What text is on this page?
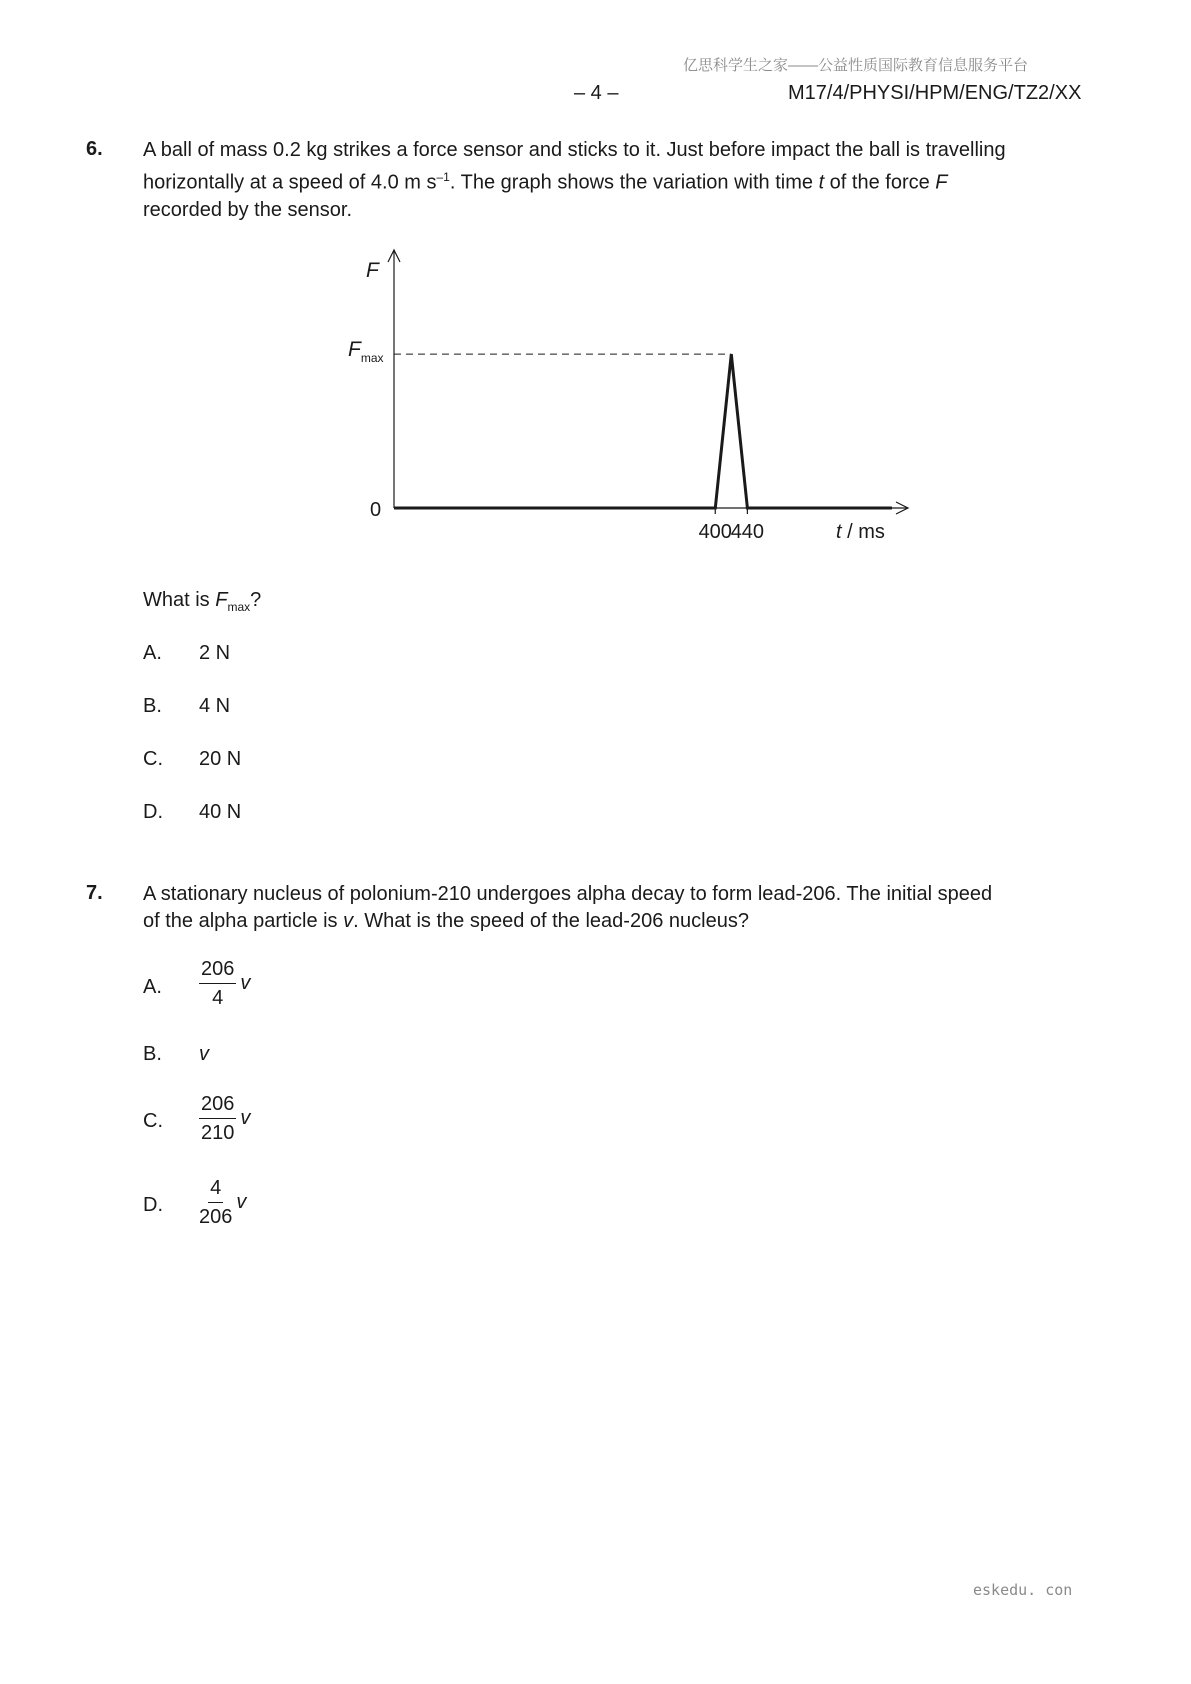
亿思科学生之家——公益性质国际教育信息服务平台
– 4 –	M17/4/PHYSI/HPM/ENG/TZ2/XX
6. A ball of mass 0.2 kg strikes a force sensor and sticks to it. Just before impact the ball is travelling
horizontally at a speed of 4.0 m $s^{-1}$. The graph shows the variation with time t of the force F
recorded by the sensor.
400
440
F
$F_{max}$
0
t / ms
What is $F_{max}$?
A. 2 N
B. 4 N
C. 20 N
D. 40 N
7. A stationary nucleus of polonium-210 undergoes alpha decay to form lead-206. The initial speed
of the alpha particle is v. What is the speed of the lead-206 nucleus?
A. $\frac{206}{4}$ v
B. v
C. $\frac{206}{210}$ v
D. $\frac{4}{206}$ v
eskedu. con
